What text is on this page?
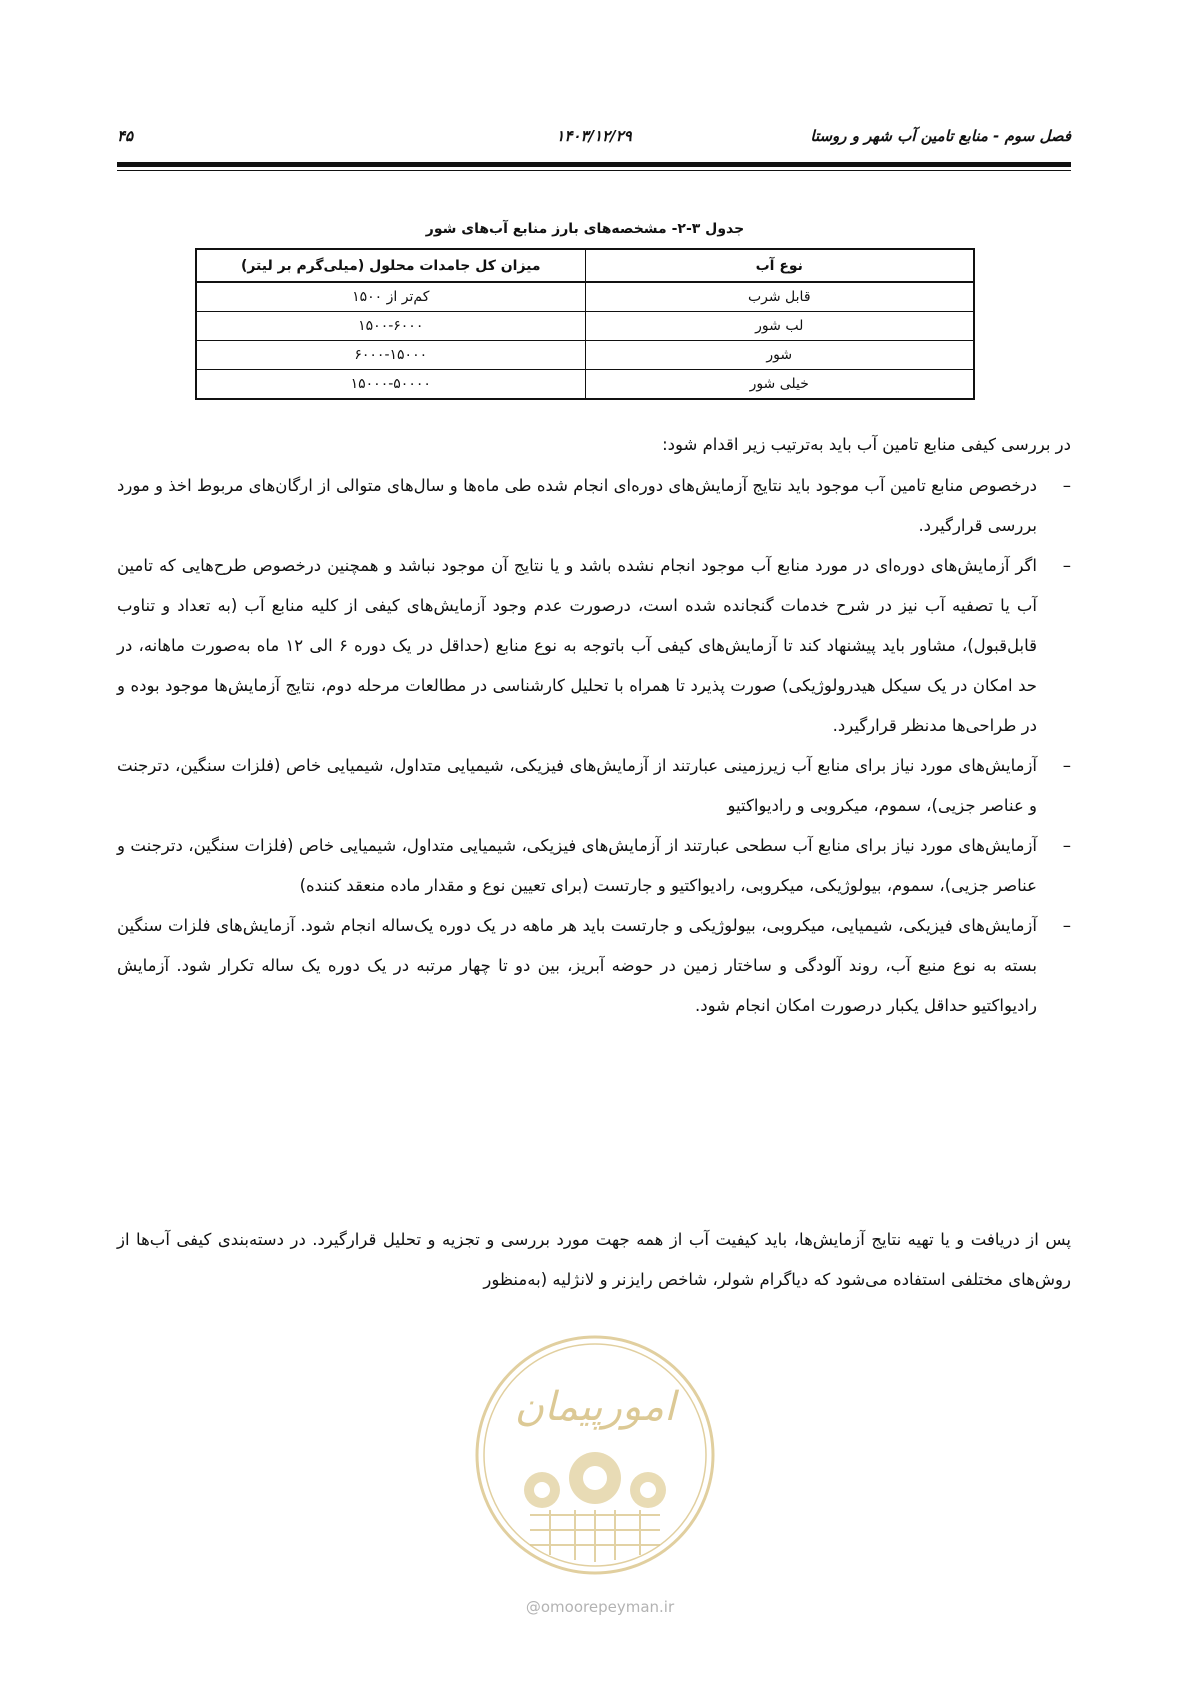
فصل سوم - منابع تامین آب شهر و روستا
۱۴۰۳/۱۲/۲۹
۴۵
جدول ۳-۲- مشخصه‌های بارز منابع آب‌های شور
نوع آب	میزان کل جامدات محلول (میلی‌گرم بر لیتر)
قابل شرب	کم‌تر از ۱۵۰۰
لب شور	۱۵۰۰-۶۰۰۰
شور	۶۰۰۰-۱۵۰۰۰
خیلی شور	۱۵۰۰۰-۵۰۰۰۰
در بررسی کیفی منابع تامین آب باید به‌ترتیب زیر اقدام شود:
–
درخصوص منابع تامین آب موجود باید نتایج آزمایش‌های دوره‌ای انجام شده طی ماه‌ها و سال‌های متوالی از ارگان‌های مربوط اخذ و مورد بررسی قرارگیرد.
–
اگر آزمایش‌های دوره‌ای در مورد منابع آب موجود انجام نشده باشد و یا نتایج آن موجود نباشد و همچنین درخصوص طرح‌هایی که تامین آب یا تصفیه آب نیز در شرح خدمات گنجانده شده است، درصورت عدم وجود آزمایش‌های کیفی از کلیه منابع آب (به تعداد و تناوب قابل‌قبول)، مشاور باید پیشنهاد کند تا آزمایش‌های کیفی آب باتوجه به نوع منابع (حداقل در یک دوره ۶ الی ۱۲ ماه به‌صورت ماهانه، در حد امکان در یک سیکل هیدرولوژیکی) صورت پذیرد تا همراه با تحلیل کارشناسی در مطالعات مرحله دوم، نتایج آزمایش‌ها موجود بوده و در طراحی‌ها مدنظر قرارگیرد.
–
آزمایش‌های مورد نیاز برای منابع آب زیرزمینی عبارتند از آزمایش‌های فیزیکی، شیمیایی متداول، شیمیایی خاص (فلزات سنگین، دترجنت و عناصر جزیی)، سموم، میکروبی و رادیواکتیو
–
آزمایش‌های مورد نیاز برای منابع آب سطحی عبارتند از آزمایش‌های فیزیکی، شیمیایی متداول، شیمیایی خاص (فلزات سنگین، دترجنت و عناصر جزیی)، سموم، بیولوژیکی، میکروبی، رادیواکتیو و جارتست (برای تعیین نوع و مقدار ماده منعقد کننده)
–
آزمایش‌های فیزیکی، شیمیایی، میکروبی، بیولوژیکی و جارتست باید هر ماهه در یک دوره یک‌ساله انجام شود. آزمایش‌های فلزات سنگین بسته به نوع منبع آب، روند آلودگی و ساختار زمین در حوضه آبریز، بین دو تا چهار مرتبه در یک دوره یک ساله تکرار شود. آزمایش رادیواکتیو حداقل یکبار درصورت امکان انجام شود.
پس از دریافت و یا تهیه نتایج آزمایش‌ها، باید کیفیت آب از همه جهت مورد بررسی و تجزیه و تحلیل قرارگیرد. در دسته‌بندی کیفی آب‌ها از روش‌های مختلفی استفاده می‌شود که دیاگرام شولر، شاخص رایزنر و لانژلیه (به‌منظور
امورپیمان
@omoorepeyman.ir
